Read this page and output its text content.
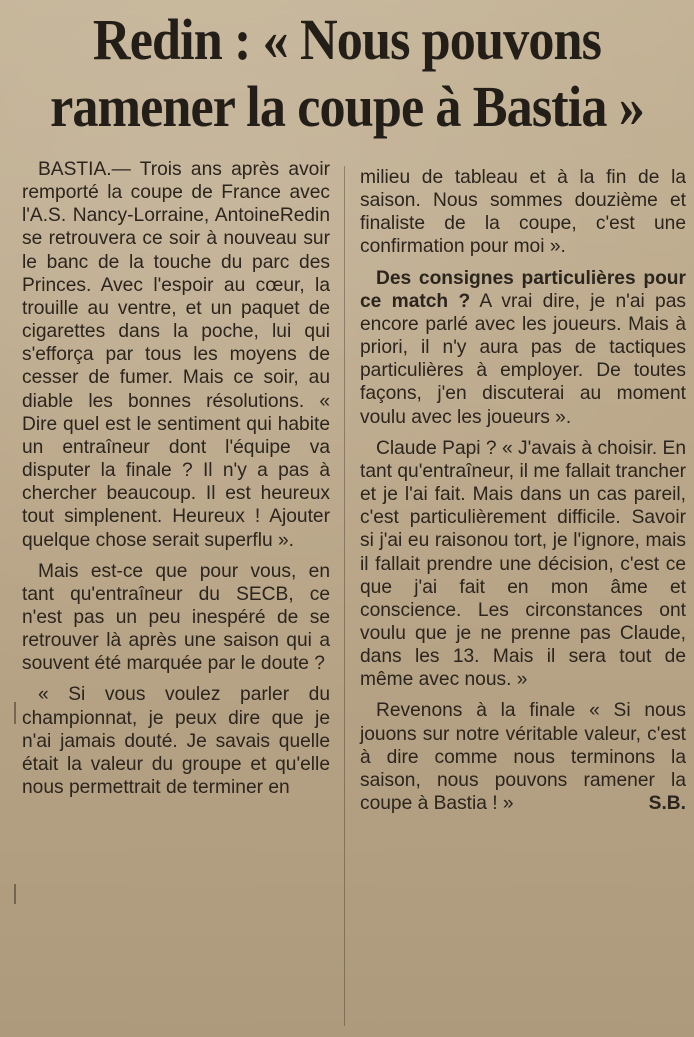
Redin : « Nous pouvons
ramener la coupe à Bastia »

BASTIA.— Trois ans après avoir remporté la coupe de France avec l'A.S. Nancy-Lorraine, AntoineRedin se retrouvera ce soir à nouveau sur le banc de la touche du parc des Princes. Avec l'espoir au cœur, la trouille au ventre, et un paquet de cigarettes dans la poche, lui qui s'efforça par tous les moyens de cesser de fumer. Mais ce soir, au diable les bonnes résolutions. « Dire quel est le sentiment qui habite un entraîneur dont l'équipe va disputer la finale ? Il n'y a pas à chercher beaucoup. Il est heureux tout simplenent. Heureux ! Ajouter quelque chose serait superflu ».

Mais est-ce que pour vous, en tant qu'entraîneur du SECB, ce n'est pas un peu inespéré de se retrouver là après une saison qui a souvent été marquée par le doute ?

« Si vous voulez parler du championnat, je peux dire que je n'ai jamais douté. Je savais quelle était la valeur du groupe et qu'elle nous permettrait de terminer en

milieu de tableau et à la fin de la saison. Nous sommes douzième et finaliste de la coupe, c'est une confirmation pour moi ».

Des consignes particulières pour ce match ? A vrai dire, je n'ai pas encore parlé avec les joueurs. Mais à priori, il n'y aura pas de tactiques particulières à employer. De toutes façons, j'en discuterai au moment voulu avec les joueurs ».

Claude Papi ? « J'avais à choisir. En tant qu'entraîneur, il me fallait trancher et je l'ai fait. Mais dans un cas pareil, c'est particulièrement difficile. Savoir si j'ai eu raisonou tort, je l'ignore, mais il fallait prendre une décision, c'est ce que j'ai fait en mon âme et conscience. Les circonstances ont voulu que je ne prenne pas Claude, dans les 13. Mais il sera tout de même avec nous. »

Revenons à la finale « Si nous jouons sur notre véritable valeur, c'est à dire comme nous terminons la saison, nous pouvons ramener la coupe à Bastia ! »	S.B.
